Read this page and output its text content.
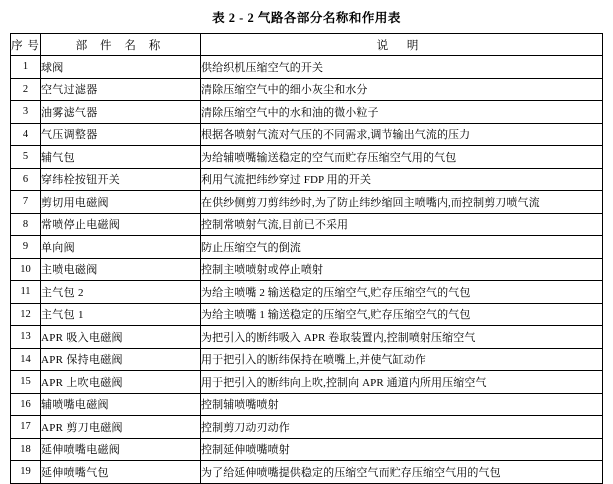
表 2 - 2 气路各部分名称和作用表
序 号	部 件 名 称	说 明
1	球阀	供给织机压缩空气的开关
2	空气过滤器	清除压缩空气中的细小灰尘和水分
3	油雾滤气器	清除压缩空气中的水和油的微小粒子
4	气压调整器	根据各喷射气流对气压的不同需求,调节输出气流的压力
5	辅气包	为给辅喷嘴输送稳定的空气而贮存压缩空气用的气包
6	穿纬栓按钮开关	利用气流把纬纱穿过 FDP 用的开关
7	剪切用电磁阀	在供纱侧剪刀剪纬纱时,为了防止纬纱缩回主喷嘴内,而控制剪刀喷气流
8	常喷停止电磁阀	控制常喷射气流,目前已不采用
9	单向阀	防止压缩空气的倒流
10	主喷电磁阀	控制主喷喷射或停止喷射
11	主气包 2	为给主喷嘴 2 输送稳定的压缩空气,贮存压缩空气的气包
12	主气包 1	为给主喷嘴 1 输送稳定的压缩空气,贮存压缩空气的气包
13	APR 吸入电磁阀	为把引入的断纬吸入 APR 卷取装置内,控制喷射压缩空气
14	APR 保持电磁阀	用于把引入的断纬保持在喷嘴上,并使气缸动作
15	APR 上吹电磁阀	用于把引入的断纬向上吹,控制向 APR 通道内所用压缩空气
16	辅喷嘴电磁阀	控制辅喷嘴喷射
17	APR 剪刀电磁阀	控制剪刀动刃动作
18	延伸喷嘴电磁阀	控制延伸喷嘴喷射
19	延伸喷嘴气包	为了给延伸喷嘴提供稳定的压缩空气而贮存压缩空气用的气包
